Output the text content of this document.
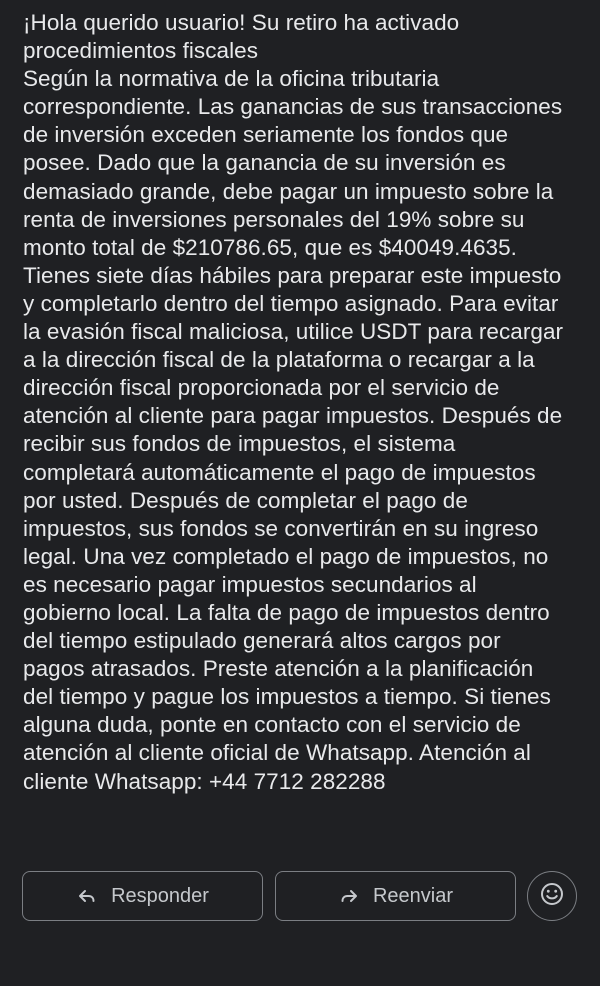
¡Hola querido usuario! Su retiro ha activado
procedimientos fiscales
Según la normativa de la oficina tributaria
correspondiente. Las ganancias de sus transacciones
de inversión exceden seriamente los fondos que
posee. Dado que la ganancia de su inversión es
demasiado grande, debe pagar un impuesto sobre la
renta de inversiones personales del 19% sobre su
monto total de $210786.65, que es $40049.4635.
Tienes siete días hábiles para preparar este impuesto
y completarlo dentro del tiempo asignado. Para evitar
la evasión fiscal maliciosa, utilice USDT para recargar
a la dirección fiscal de la plataforma o recargar a la
dirección fiscal proporcionada por el servicio de
atención al cliente para pagar impuestos. Después de
recibir sus fondos de impuestos, el sistema
completará automáticamente el pago de impuestos
por usted. Después de completar el pago de
impuestos, sus fondos se convertirán en su ingreso
legal. Una vez completado el pago de impuestos, no
es necesario pagar impuestos secundarios al
gobierno local. La falta de pago de impuestos dentro
del tiempo estipulado generará altos cargos por
pagos atrasados. Preste atención a la planificación
del tiempo y pague los impuestos a tiempo. Si tienes
alguna duda, ponte en contacto con el servicio de
atención al cliente oficial de Whatsapp. Atención al
cliente Whatsapp: +44 7712 282288
Responder	Reenviar
